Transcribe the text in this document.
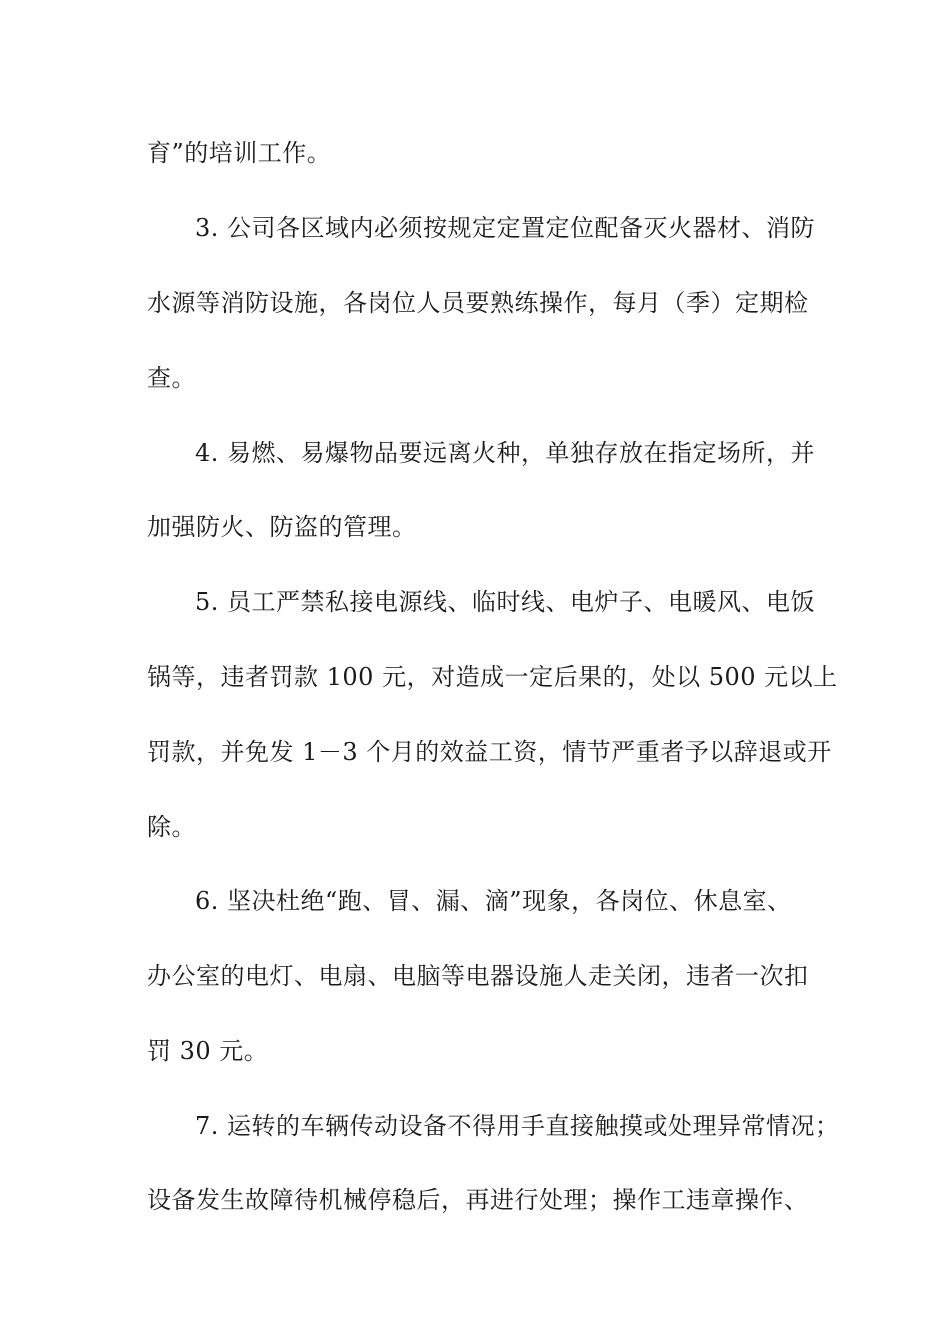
育”的培训工作。
3. 公司各区域内必须按规定定置定位配备灭火器材、消防
水源等消防设施，各岗位人员要熟练操作，每月（季）定期检
查。
4. 易燃、易爆物品要远离火种，单独存放在指定场所，并
加强防火、防盗的管理。
5. 员工严禁私接电源线、临时线、电炉子、电暖风、电饭
锅等，违者罚款 100 元，对造成一定后果的，处以 500 元以上
罚款，并免发 1－3 个月的效益工资，情节严重者予以辞退或开
除。
6. 坚决杜绝“跑、冒、漏、滴”现象，各岗位、休息室、
办公室的电灯、电扇、电脑等电器设施人走关闭，违者一次扣
罚 30 元。
7. 运转的车辆传动设备不得用手直接触摸或处理异常情况；
设备发生故障待机械停稳后，再进行处理；操作工违章操作、
